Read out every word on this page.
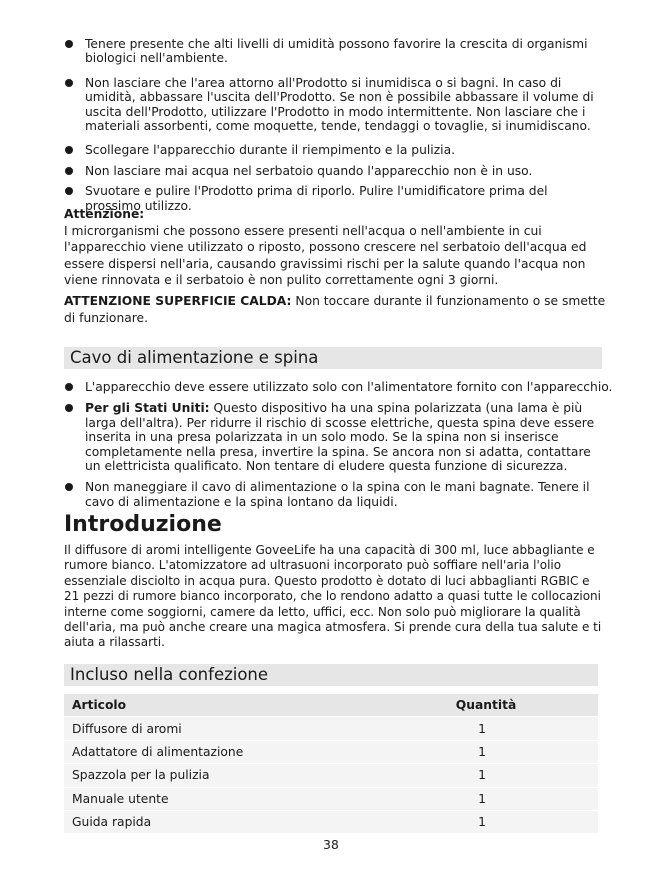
Tenere presente che alti livelli di umidità possono favorire la crescita di organismi biologici nell'ambiente.
Non lasciare che l'area attorno all'Prodotto si inumidisca o si bagni. In caso di umidità, abbassare l'uscita dell'Prodotto. Se non è possibile abbassare il volume di uscita dell'Prodotto, utilizzare l'Prodotto in modo intermittente. Non lasciare che i materiali assorbenti, come moquette, tende, tendaggi o tovaglie, si inumidiscano.
Scollegare l'apparecchio durante il riempimento e la pulizia.
Non lasciare mai acqua nel serbatoio quando l'apparecchio non è in uso.
Svuotare e pulire l'Prodotto prima di riporlo. Pulire l'umidificatore prima del prossimo utilizzo.
Attenzione:
I microrganismi che possono essere presenti nell'acqua o nell'ambiente in cui l'apparecchio viene utilizzato o riposto, possono crescere nel serbatoio dell'acqua ed essere dispersi nell'aria, causando gravissimi rischi per la salute quando l'acqua non viene rinnovata e il serbatoio è non pulito correttamente ogni 3 giorni.
ATTENZIONE SUPERFICIE CALDA: Non toccare durante il funzionamento o se smette di funzionare.
Cavo di alimentazione e spina
L'apparecchio deve essere utilizzato solo con l'alimentatore fornito con l'apparecchio.
Per gli Stati Uniti: Questo dispositivo ha una spina polarizzata (una lama è più larga dell'altra). Per ridurre il rischio di scosse elettriche, questa spina deve essere inserita in una presa polarizzata in un solo modo. Se la spina non si inserisce completamente nella presa, invertire la spina. Se ancora non si adatta, contattare un elettricista qualificato. Non tentare di eludere questa funzione di sicurezza.
Non maneggiare il cavo di alimentazione o la spina con le mani bagnate. Tenere il cavo di alimentazione e la spina lontano da liquidi.
Introduzione

Il diffusore di aromi intelligente GoveeLife ha una capacità di 300 ml, luce abbagliante e rumore bianco. L'atomizzatore ad ultrasuoni incorporato può soffiare nell'aria l'olio essenziale disciolto in acqua pura. Questo prodotto è dotato di luci abbaglianti RGBIC e 21 pezzi di rumore bianco incorporato, che lo rendono adatto a quasi tutte le collocazioni interne come soggiorni, camere da letto, uffici, ecc. Non solo può migliorare la qualità dell'aria, ma può anche creare una magica atmosfera. Si prende cura della tua salute e ti aiuta a rilassarti.

Incluso nella confezione
Articolo	Quantità
Diffusore di aromi	1
Adattatore di alimentazione	1
Spazzola per la pulizia	1
Manuale utente	1
Guida rapida	1
38
